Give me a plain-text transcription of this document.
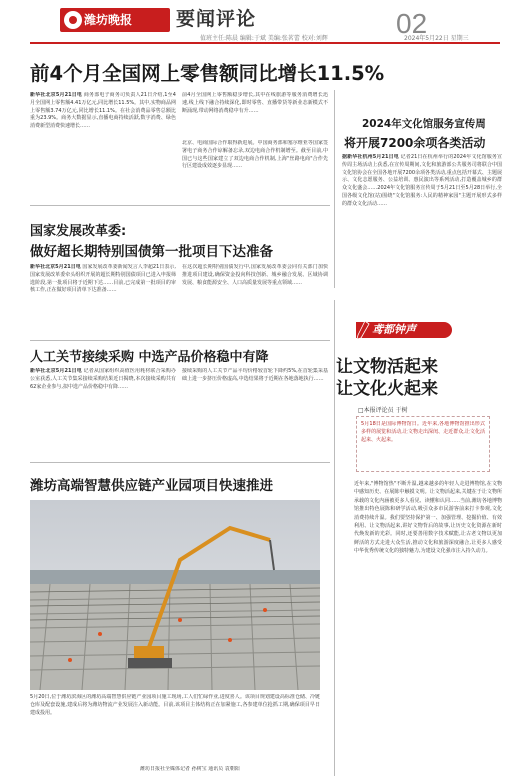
潍坊晚报	要闻评论	02
值班主任:陈晨 编辑:于斌 美编:张茗蕾 校对:刘辉	2024年5月22日 星期三
前4个月全国网上零售额同比增长11.5%
新华社北京5月21日电 商务部电子商务司负责人21日介绍,1至4月全国网上零售额4.41万亿元,同比增长11.5%。其中,实物商品网上零售额3.74万亿元,同比增长11.1%。在社会消费品零售总额比重为23.9%。商务大数据显示,直播电商持续活跃,数字消费、绿色消费新型消费快速增长……
前4月全国网上零售额稳步增长,其中在线旅游等服务消费增长迅速,线上线下融合持续深化,即时零售、直播带货等新业态新模式不断涌现,带动网络消费稳中有升……
北京、电商国际合作取得新进展。中国商务部和塞尔维亚等国家签署电子商务合作谅解备忘录,双边电商合作机制增至。截至目前,中国已与这些国家建立了双边电商合作机制,上海"丝路电商"合作先行区建设成效逐步显现……
2024年文化馆服务宣传周
将开展7200余项各类活动
据新华社杭州5月21日电 记者21日在杭州举行的2024年文化馆服务宣传周主场活动上获悉,在宣传周期间,文化和旅游部公共服务司将联合中国文化馆协会在全国各地开展7200余项各类活动,重点包括开幕式、主题展示、文化志愿服务、公益培训、惠民演出等系列活动,打造覆盖城乡的群众文化盛会……2024年文化馆服务宣传周于5月21日至5月28日举行,全国各级文化馆(站)围绕"文化馆服务:人民的精神家园"主题开展形式多样的群众文化活动……
国家发展改革委:
做好超长期特别国债第一批项目下达准备
新华社北京5月21日电 国家发展改革委新闻发言人李超21日表示,国家发展改革委牵头组织开展的超长期特别国债项目已进入申报筛选阶段,第一批项目将于近期下达……目前,已完成第一批项目的审核工作,正在做好项目清单下达准备……
在这次超长期特别国债发行中,国家发展改革委会同有关部门加快推进项目建设,确保资金投向科技创新、城乡融合发展、区域协调发展、粮食能源安全、人口高质量发展等重点领域……
人工关节接续采购 中选产品价格稳中有降
新华社北京5月21日电 记者从国家组织高值医用耗材联合采购办公室获悉,人工关节集采接续采购结果近日揭晓,本次接续采购共有62家企业参与,拟中选产品价格稳中有降……
接续采购的人工关节产品平均价格较首轮下降约5%,在首轮集采基础上进一步挤压价格虚高,中选结果将于近期在各地落地执行……
潍坊高端智慧供应链产业园项目快速推进
5月20日,位于潍坊滨海区的潍坊高端智慧供应链产业园项目施工现场,工人们忙碌作业,进度喜人。该项目规划建设高标准仓储、冷链仓库及配套设施,建成后将为潍坊物流产业发展注入新动能。目前,该项目主体结构正在加紧施工,各参建单位抢抓工期,确保项目早日建成投用。
潍坊日报社全媒体记者 孙树宝 通讯员 袁朝阳
鸢都钟声
让文物活起来
让文化火起来
□本报评论员 于树
5月18日是国际博物馆日。近年来,各地博物馆推出形式多样的展览和活动,让文物走出深闺、走近群众,让文化活起来、火起来。
近年来,"博物馆热"不断升温,越来越多的年轻人走进博物馆,在文物中感知历史、在展陈中触摸文明。让文物活起来,关键在于让文物所承载的文化内涵被更多人看见、读懂和认同……当前,潍坊各地博物馆推出特色展陈和研学活动,吸引众多市民游客前来打卡参观,文化消费持续升温。我们要坚持保护第一、加强管理、挖掘价值、有效利用、让文物活起来,讲好文物背后的故事,让历史文化资源在新时代焕发新的光彩。同时,还要善用数字技术赋能,让古老文物以更加鲜活的方式走进大众生活,推动文化和旅游深度融合,让更多人感受中华优秀传统文化的独特魅力,为建设文化强市注入持久动力。
